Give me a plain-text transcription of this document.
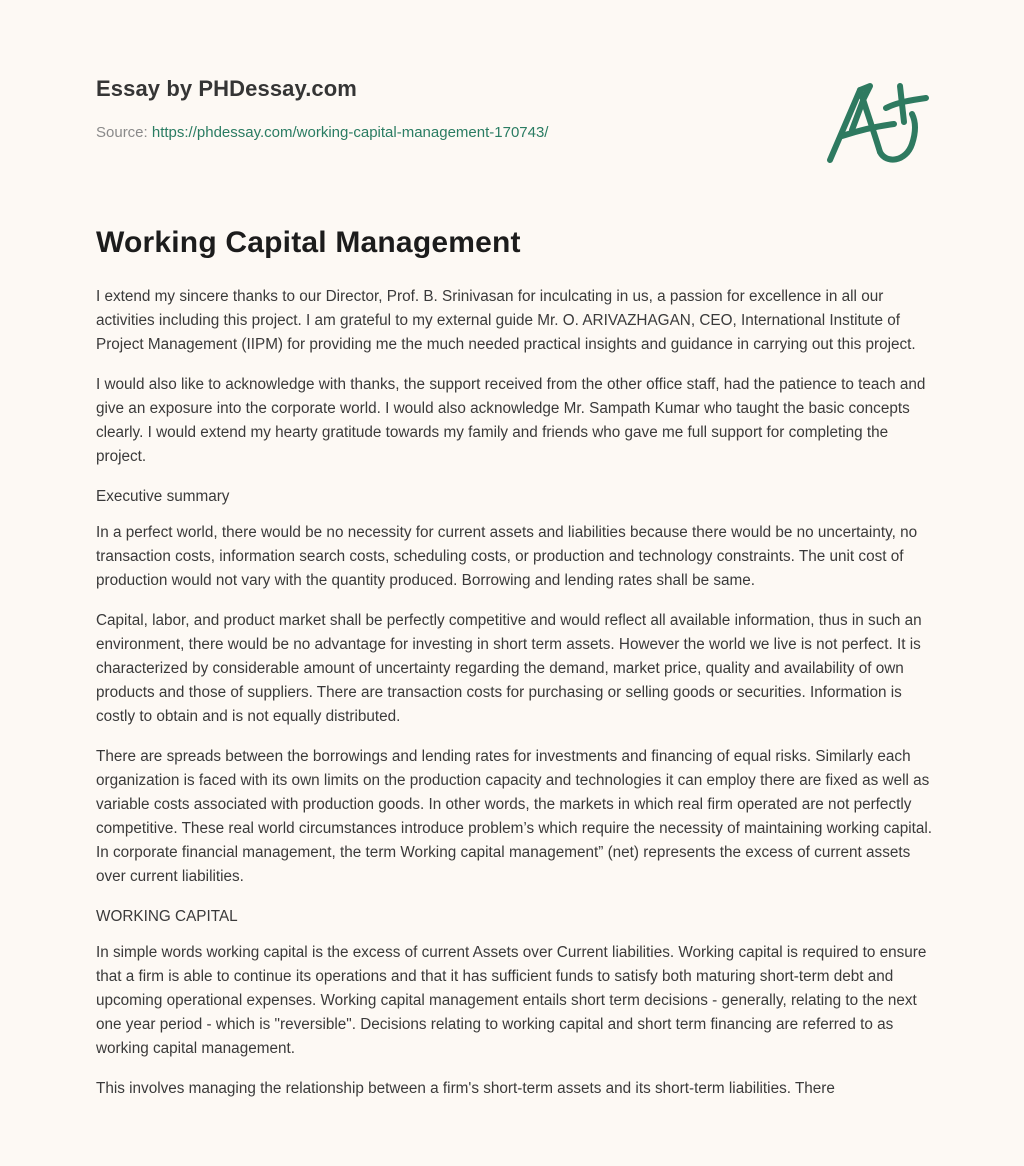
Essay by PHDessay.com
Source: https://phdessay.com/working-capital-management-170743/
Working Capital Management

I extend my sincere thanks to our Director, Prof. B. Srinivasan for inculcating in us, a passion for excellence in all our activities including this project. I am grateful to my external guide Mr. O. ARIVAZHAGAN, CEO, International Institute of Project Management (IIPM) for providing me the much needed practical insights and guidance in carrying out this project.

I would also like to acknowledge with thanks, the support received from the other office staff, had the patience to teach and give an exposure into the corporate world. I would also acknowledge Mr. Sampath Kumar who taught the basic concepts clearly. I would extend my hearty gratitude towards my family and friends who gave me full support for completing the project.

Executive summary

In a perfect world, there would be no necessity for current assets and liabilities because there would be no uncertainty, no transaction costs, information search costs, scheduling costs, or production and technology constraints. The unit cost of production would not vary with the quantity produced. Borrowing and lending rates shall be same.

Capital, labor, and product market shall be perfectly competitive and would reflect all available information, thus in such an environment, there would be no advantage for investing in short term assets. However the world we live is not perfect. It is characterized by considerable amount of uncertainty regarding the demand, market price, quality and availability of own products and those of suppliers. There are transaction costs for purchasing or selling goods or securities. Information is costly to obtain and is not equally distributed.

There are spreads between the borrowings and lending rates for investments and financing of equal risks. Similarly each organization is faced with its own limits on the production capacity and technologies it can employ there are fixed as well as variable costs associated with production goods. In other words, the markets in which real firm operated are not perfectly competitive. These real world circumstances introduce problem’s which require the necessity of maintaining working capital. In corporate financial management, the term Working capital management” (net) represents the excess of current assets over current liabilities.

WORKING CAPITAL

In simple words working capital is the excess of current Assets over Current liabilities. Working capital is required to ensure that a firm is able to continue its operations and that it has sufficient funds to satisfy both maturing short-term debt and upcoming operational expenses. Working capital management entails short term decisions - generally, relating to the next one year period - which is "reversible". Decisions relating to working capital and short term financing are referred to as working capital management.

This involves managing the relationship between a firm's short-term assets and its short-term liabilities. There
